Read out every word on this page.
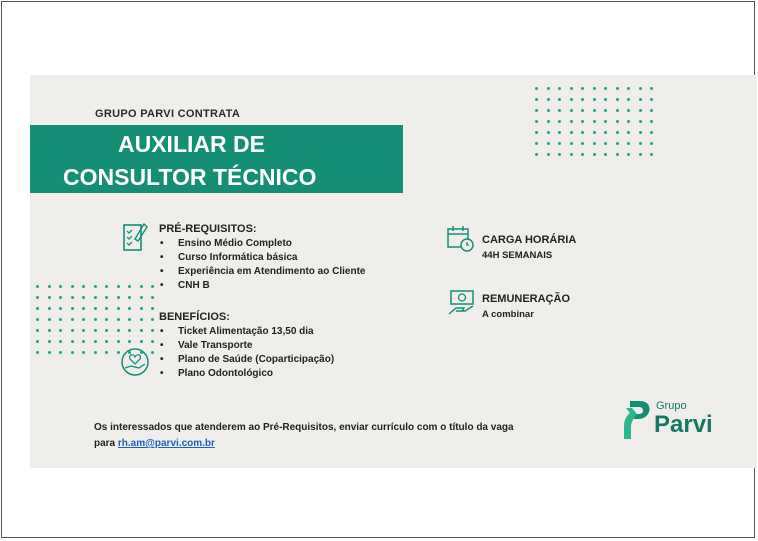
GRUPO PARVI CONTRATA
AUXILIAR DE
CONSULTOR TÉCNICO
PRÉ-REQUISITOS:
• Ensino Médio Completo
• Curso Informática básica
• Experiência em Atendimento ao Cliente
• CNH B
BENEFÍCIOS:
• Ticket Alimentação 13,50 dia
• Vale Transporte
• Plano de Saúde (Coparticipação)
• Plano Odontológico
CARGA HORÁRIA
44H SEMANAIS
REMUNERAÇÃO
A combinar
Os interessados que atenderem ao Pré-Requisitos, enviar currículo com o título da vaga
para rh.am@parvi.com.br
Grupo
Parvi
